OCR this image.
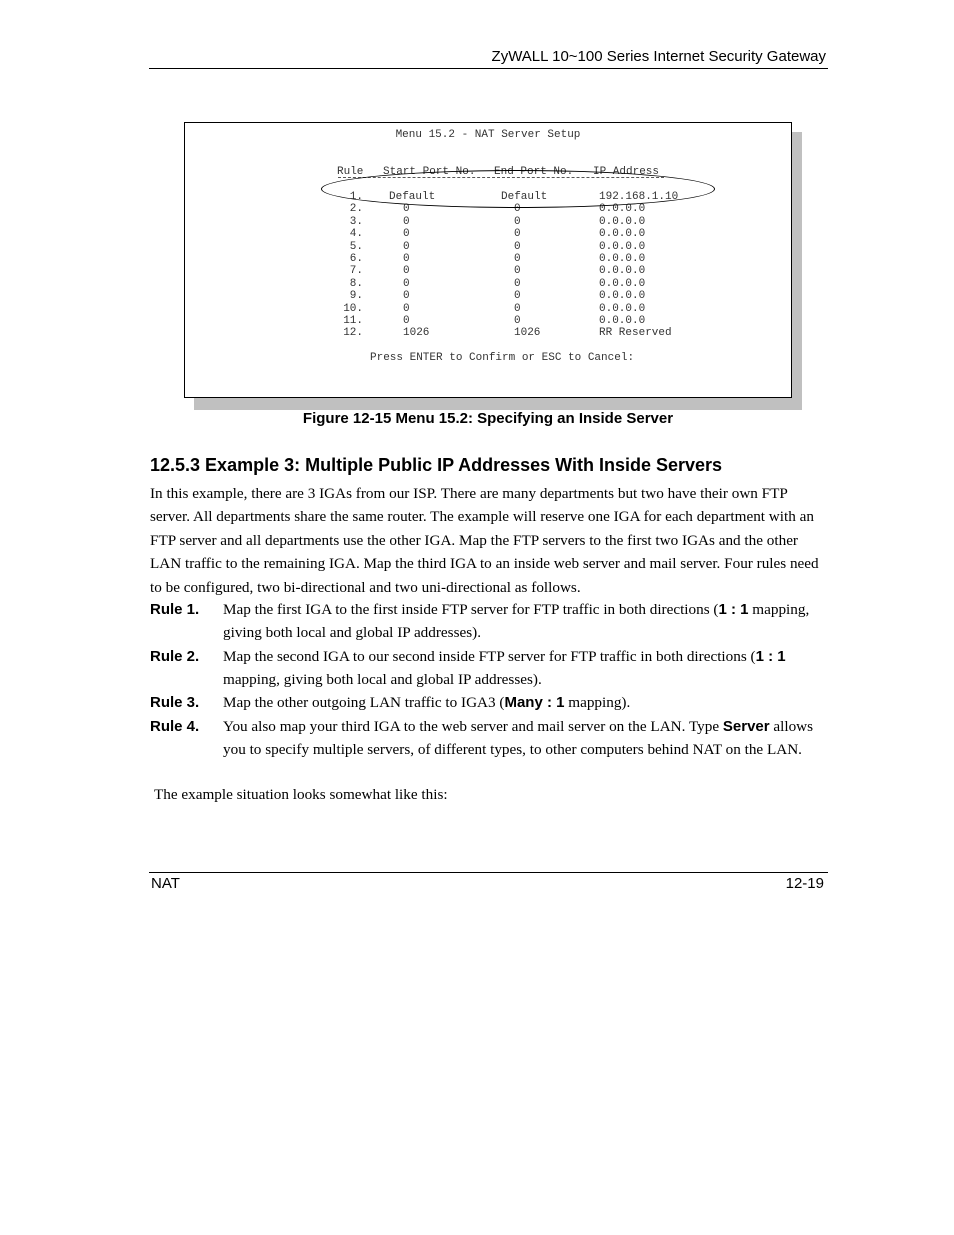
ZyWALL 10~100 Series Internet Security Gateway
Menu 15.2 - NAT Server Setup
Rule Start Port No. End Port No. IP Address
1. Default	Default	192.168.1.10
2.	0	0	0.0.0.0
3.	0	0	0.0.0.0
4.	0	0	0.0.0.0
5.	0	0	0.0.0.0
6.	0	0	0.0.0.0
7.	0	0	0.0.0.0
8.	0	0	0.0.0.0
9.	0	0	0.0.0.0
10.	0	0	0.0.0.0
11.	0	0	0.0.0.0
12.	1026	1026	RR Reserved
Press ENTER to Confirm or ESC to Cancel:
Figure 12-15 Menu 15.2: Specifying an Inside Server
12.5.3 Example 3: Multiple Public IP Addresses With Inside Servers
In this example, there are 3 IGAs from our ISP. There are many departments but two have their own FTP server. All departments share the same router. The example will reserve one IGA for each department with an FTP server and all departments use the other IGA. Map the FTP servers to the first two IGAs and the other LAN traffic to the remaining IGA. Map the third IGA to an inside web server and mail server. Four rules need to be configured, two bi-directional and two uni-directional as follows.
Rule 1. Map the first IGA to the first inside FTP server for FTP traffic in both directions (1 : 1 mapping, giving both local and global IP addresses).
Rule 2. Map the second IGA to our second inside FTP server for FTP traffic in both directions (1 : 1 mapping, giving both local and global IP addresses).
Rule 3. Map the other outgoing LAN traffic to IGA3 (Many : 1 mapping).
Rule 4. You also map your third IGA to the web server and mail server on the LAN. Type Server allows you to specify multiple servers, of different types, to other computers behind NAT on the LAN.
The example situation looks somewhat like this:
NAT	12-19
